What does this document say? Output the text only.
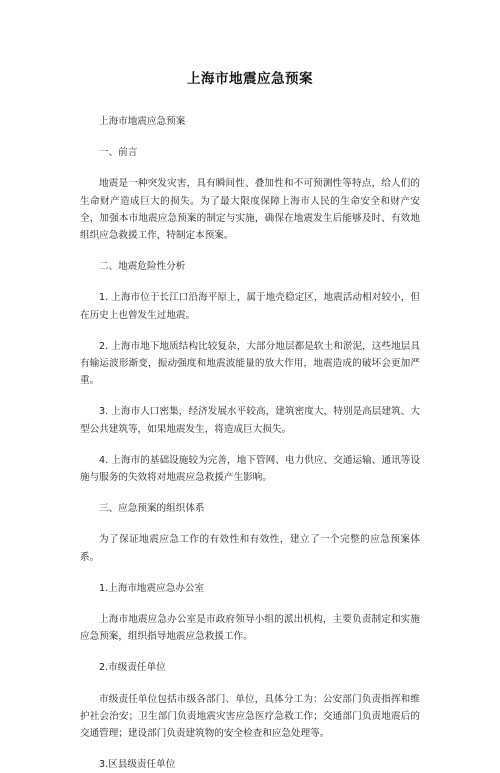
上海市地震应急预案
上海市地震应急预案
一、前言
地震是一种突发灾害，具有瞬间性、叠加性和不可预测性等特点，给人们的生命财产造成巨大的损失。为了最大限度保障上海市人民的生命安全和财产安全，加强本市地震应急预案的制定与实施，确保在地震发生后能够及时、有效地组织应急救援工作，特制定本预案。
二、地震危险性分析
1. 上海市位于长江口沿海平原上，属于地壳稳定区，地震活动相对较小，但在历史上也曾发生过地震。
2. 上海市地下地质结构比较复杂，大部分地层都是软土和淤泥，这些地层具有输运波形渐变，振动强度和地震波能量的放大作用，地震造成的破坏会更加严重。
3. 上海市人口密集，经济发展水平较高，建筑密度大，特别是高层建筑、大型公共建筑等，如果地震发生，将造成巨大损失。
4. 上海市的基础设施较为完善，地下管网、电力供应、交通运输、通讯等设施与服务的失效将对地震应急救援产生影响。
三、应急预案的组织体系
为了保证地震应急工作的有效性和有效性，建立了一个完整的应急预案体系。
1.上海市地震应急办公室
上海市地震应急办公室是市政府领导小组的派出机构，主要负责制定和实施应急预案，组织指导地震应急救援工作。
2.市级责任单位
市级责任单位包括市级各部门、单位，具体分工为：公安部门负责指挥和维护社会治安；卫生部门负责地震灾害应急医疗急救工作；交通部门负责地震后的交通管理；建设部门负责建筑物的安全检查和应急处理等。
3.区县级责任单位
